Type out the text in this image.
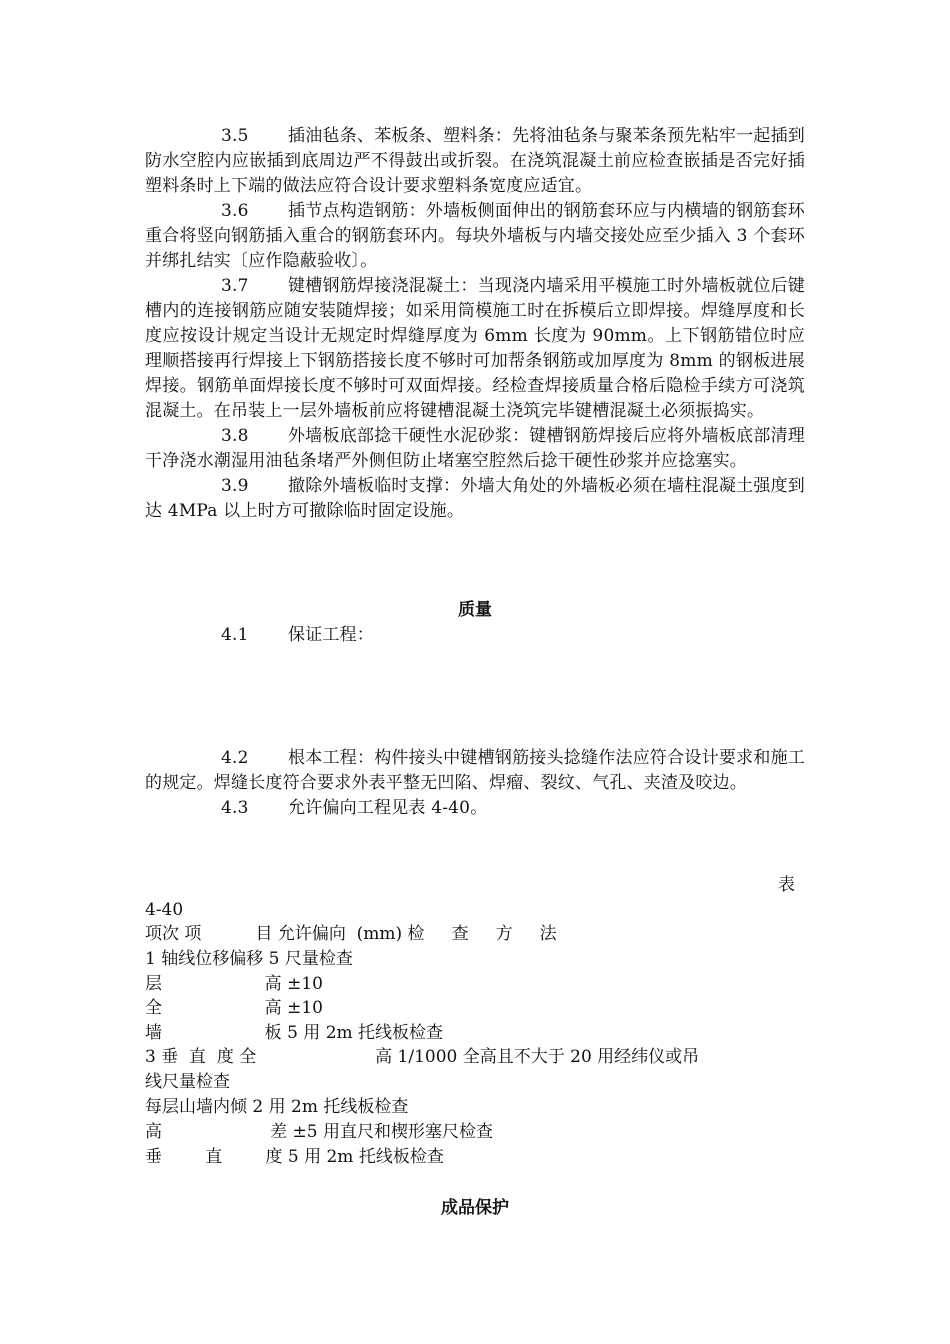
3.5 插油毡条、苯板条、塑料条：先将油毡条与聚苯条预先粘牢一起插到防水空腔内应嵌插到底周边严不得鼓出或折裂。在浇筑混凝土前应检查嵌插是否完好插塑料条时上下端的做法应符合设计要求塑料条宽度应适宜。

3.6 插节点构造钢筋：外墙板侧面伸出的钢筋套环应与内横墙的钢筋套环重合将竖向钢筋插入重合的钢筋套环内。每块外墙板与内墙交接处应至少插入 3 个套环并绑扎结实〔应作隐蔽验收〕。

3.7 键槽钢筋焊接浇混凝土：当现浇内墙采用平模施工时外墙板就位后键槽内的连接钢筋应随安装随焊接；如采用筒模施工时在拆模后立即焊接。焊缝厚度和长度应按设计规定当设计无规定时焊缝厚度为 6mm 长度为 90mm。上下钢筋错位时应理顺搭接再行焊接上下钢筋搭接长度不够时可加帮条钢筋或加厚度为 8mm 的钢板进展焊接。钢筋单面焊接长度不够时可双面焊接。经检查焊接质量合格后隐检手续方可浇筑混凝土。在吊装上一层外墙板前应将键槽混凝土浇筑完毕键槽混凝土必须振捣实。

3.8 外墙板底部捻干硬性水泥砂浆：键槽钢筋焊接后应将外墙板底部清理干净浇水潮湿用油毡条堵严外侧但防止堵塞空腔然后捻干硬性砂浆并应捻塞实。

3.9 撤除外墙板临时支撑：外墙大角处的外墙板必须在墙柱混凝土强度到达 4MPa 以上时方可撤除临时固定设施。

质量

4.1 保证工程：

4.2 根本工程：构件接头中键槽钢筋接头捻缝作法应符合设计要求和施工的规定。焊缝长度符合要求外表平整无凹陷、焊瘤、裂纹、气孔、夹渣及咬边。

4.3 允许偏向工程见表 4-40。

表

4-40

项次 项          目 允许偏向  (mm) 检     查     方     法

1 轴线位移偏移 5 尺量检查

层                   高 ±10

全                   高 ±10

墙                   板 5 用 2m 托线板检查

3 垂  直  度 全                      高 1/1000 全高且不大于 20 用经纬仪或吊

线尺量检查

每层山墙内倾 2 用 2m 托线板检查

高                    差 ±5 用直尺和楔形塞尺检查

垂        直        度 5 用 2m 托线板检查

成品保护
